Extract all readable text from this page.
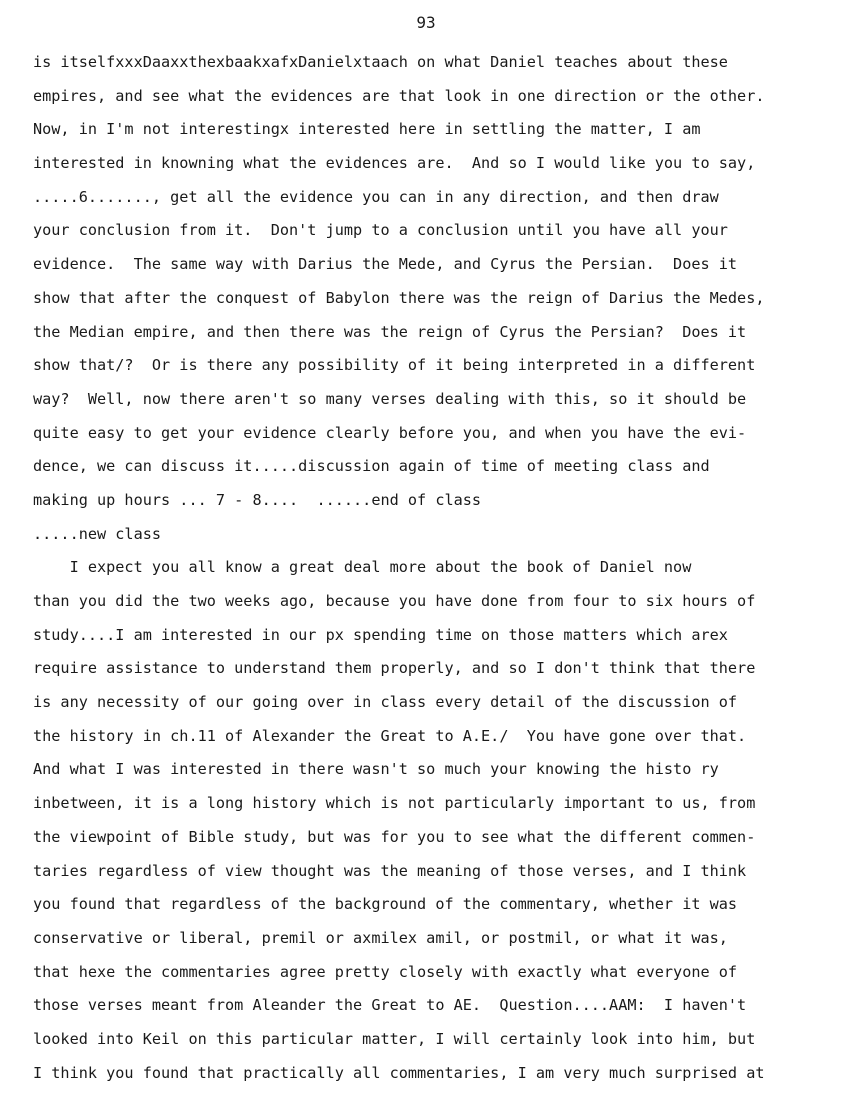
93
is itselfxxxDaaxxthexbaakxafxDanielxtaach on what Daniel teaches about these
empires, and see what the evidences are that look in one direction or the other.
Now, in I'm not interestingx interested here in settling the matter, I am
interested in knowning what the evidences are.  And so I would like you to say,
.....6......., get all the evidence you can in any direction, and then draw
your conclusion from it.  Don't jump to a conclusion until you have all your
evidence.  The same way with Darius the Mede, and Cyrus the Persian.  Does it
show that after the conquest of Babylon there was the reign of Darius the Medes,
the Median empire, and then there was the reign of Cyrus the Persian?  Does it
show that/?  Or is there any possibility of it being interpreted in a different
way?  Well, now there aren't so many verses dealing with this, so it should be
quite easy to get your evidence clearly before you, and when you have the evi-
dence, we can discuss it.....discussion again of time of meeting class and
making up hours ... 7 - 8....  ......end of class
.....new class
I expect you all know a great deal more about the book of Daniel now
than you did the two weeks ago, because you have done from four to six hours of
study....I am interested in our px spending time on those matters which arex
require assistance to understand them properly, and so I don't think that there
is any necessity of our going over in class every detail of the discussion of
the history in ch.11 of Alexander the Great to A.E./  You have gone over that.
And what I was interested in there wasn't so much your knowing the histo ry
inbetween, it is a long history which is not particularly important to us, from
the viewpoint of Bible study, but was for you to see what the different commen-
taries regardless of view thought was the meaning of those verses, and I think
you found that regardless of the background of the commentary, whether it was
conservative or liberal, premil or axmilex amil, or postmil, or what it was,
that hexe the commentaries agree pretty closely with exactly what everyone of
those verses meant from Aleander the Great to AE.  Question....AAM:  I haven't
looked into Keil on this particular matter, I will certainly look into him, but
I think you found that practically all commentaries, I am very much surprised at
